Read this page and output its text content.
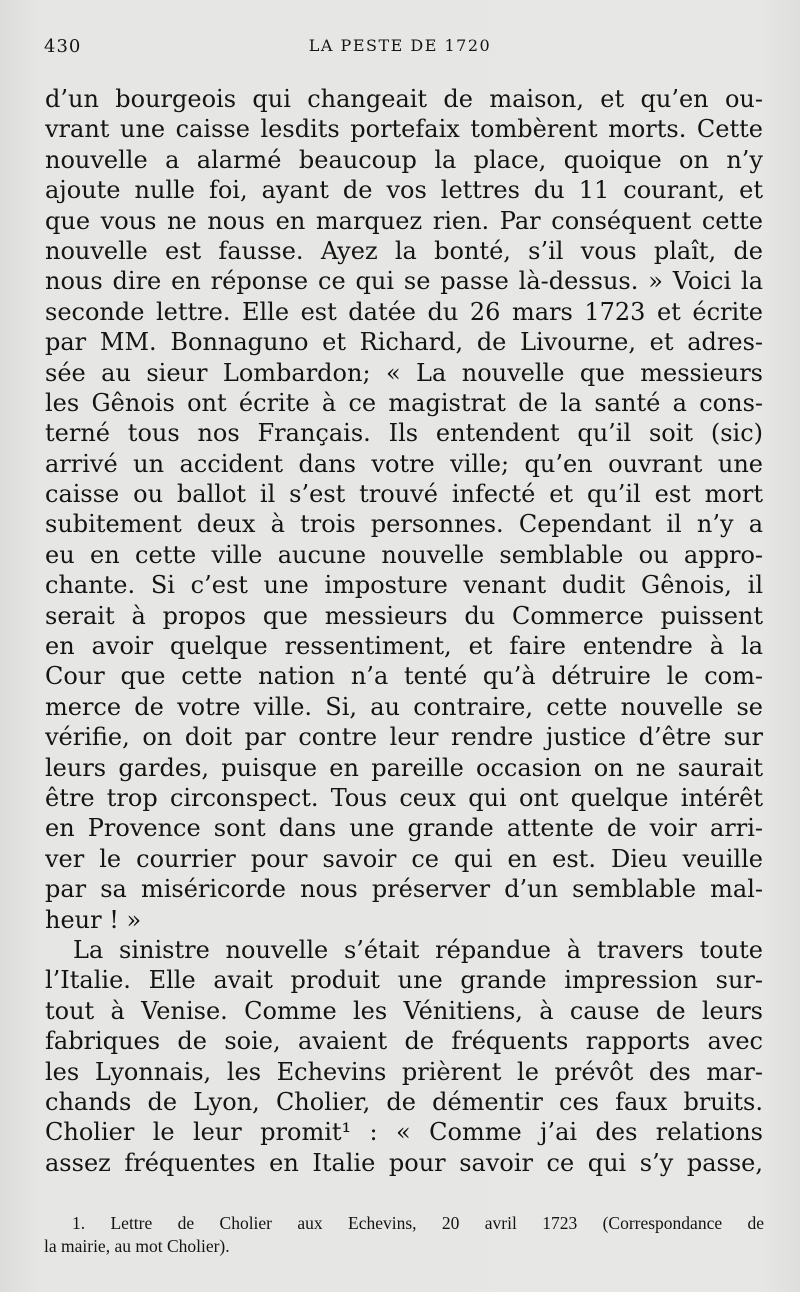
430	LA PESTE DE 1720
d’un bourgeois qui changeait de maison, et qu’en ou-
vrant une caisse lesdits portefaix tombèrent morts. Cette
nouvelle a alarmé beaucoup la place, quoique on n’y
ajoute nulle foi, ayant de vos lettres du 11 courant, et
que vous ne nous en marquez rien. Par conséquent cette
nouvelle est fausse. Ayez la bonté, s’il vous plaît, de
nous dire en réponse ce qui se passe là-dessus. » Voici la
seconde lettre. Elle est datée du 26 mars 1723 et écrite
par MM. Bonnaguno et Richard, de Livourne, et adres-
sée au sieur Lombardon; « La nouvelle que messieurs
les Gênois ont écrite à ce magistrat de la santé a cons-
terné tous nos Français. Ils entendent qu’il soit (sic)
arrivé un accident dans votre ville; qu’en ouvrant une
caisse ou ballot il s’est trouvé infecté et qu’il est mort
subitement deux à trois personnes. Cependant il n’y a
eu en cette ville aucune nouvelle semblable ou appro-
chante. Si c’est une imposture venant dudit Gênois, il
serait à propos que messieurs du Commerce puissent
en avoir quelque ressentiment, et faire entendre à la
Cour que cette nation n’a tenté qu’à détruire le com-
merce de votre ville. Si, au contraire, cette nouvelle se
vérifie, on doit par contre leur rendre justice d’être sur
leurs gardes, puisque en pareille occasion on ne saurait
être trop circonspect. Tous ceux qui ont quelque intérêt
en Provence sont dans une grande attente de voir arri-
ver le courrier pour savoir ce qui en est. Dieu veuille
par sa miséricorde nous préserver d’un semblable mal-
heur ! »
La sinistre nouvelle s’était répandue à travers toute
l’Italie. Elle avait produit une grande impression sur-
tout à Venise. Comme les Vénitiens, à cause de leurs
fabriques de soie, avaient de fréquents rapports avec
les Lyonnais, les Echevins prièrent le prévôt des mar-
chands de Lyon, Cholier, de démentir ces faux bruits.
Cholier le leur promit¹ : « Comme j’ai des relations
assez fréquentes en Italie pour savoir ce qui s’y passe,
1. Lettre de Cholier aux Echevins, 20 avril 1723 (Correspondance de
la mairie, au mot Cholier).
